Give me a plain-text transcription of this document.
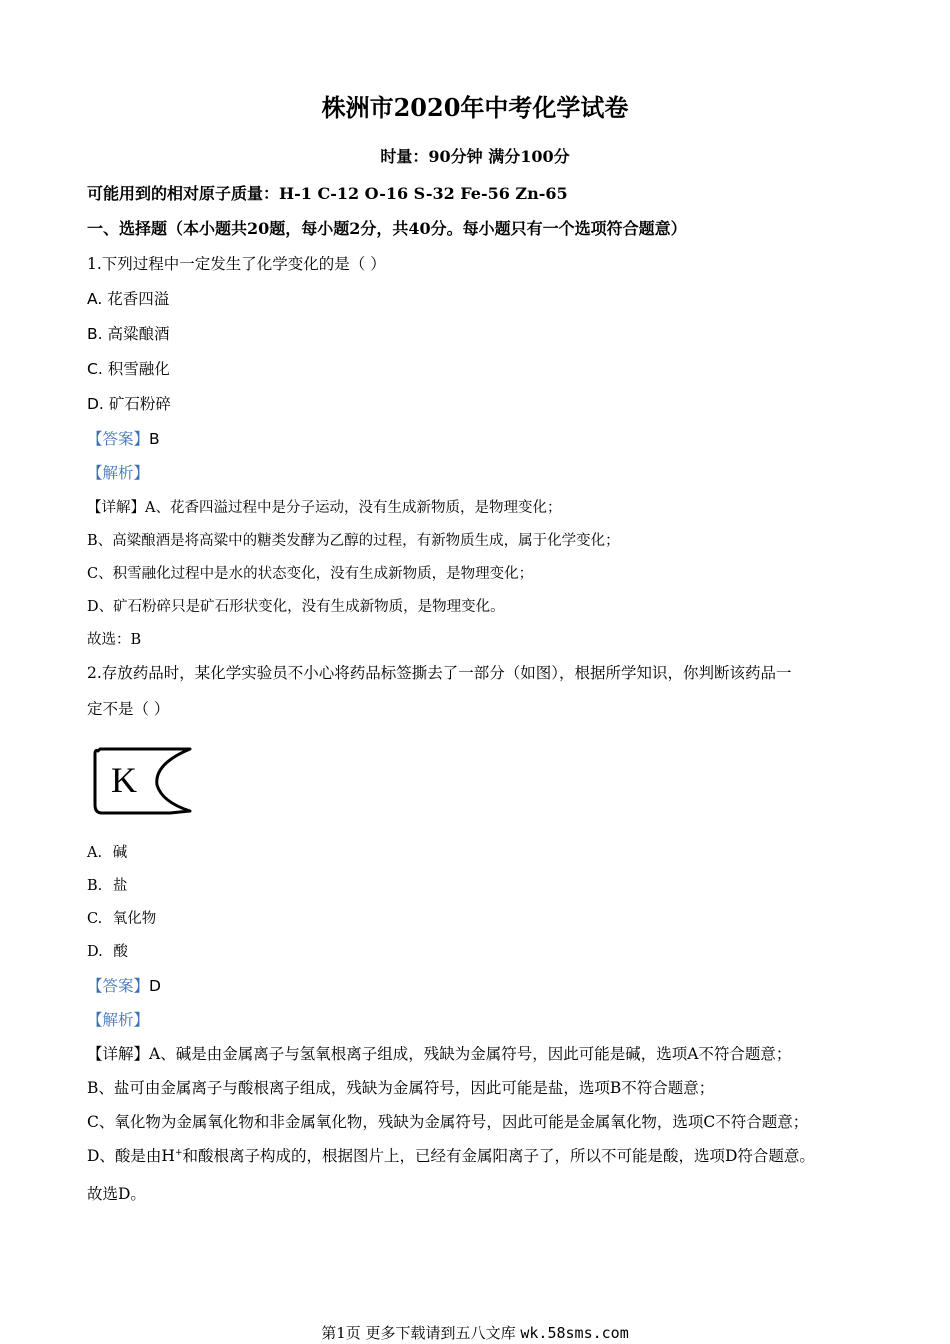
株洲市2020年中考化学试卷
时量：90分钟 满分100分
可能用到的相对原子质量：H-1 C-12 O-16 S-32 Fe-56 Zn-65
一、选择题（本小题共20题，每小题2分，共40分。每小题只有一个选项符合题意）
1.下列过程中一定发生了化学变化的是（ ）
A. 花香四溢
B. 高粱酿酒
C. 积雪融化
D. 矿石粉碎
【答案】B
【解析】
【详解】A、花香四溢过程中是分子运动，没有生成新物质，是物理变化；
B、高粱酿酒是将高粱中的糖类发酵为乙醇的过程，有新物质生成，属于化学变化；
C、积雪融化过程中是水的状态变化，没有生成新物质，是物理变化；
D、矿石粉碎只是矿石形状变化，没有生成新物质，是物理变化。
故选：B
2.存放药品时，某化学实验员不小心将药品标签撕去了一部分（如图），根据所学知识，你判断该药品一
定不是（ ）
K
A. 碱
B. 盐
C. 氧化物
D. 酸
【答案】D
【解析】
【详解】A、碱是由金属离子与氢氧根离子组成，残缺为金属符号，因此可能是碱，选项A不符合题意；
B、盐可由金属离子与酸根离子组成，残缺为金属符号，因此可能是盐，选项B不符合题意；
C、氧化物为金属氧化物和非金属氧化物，残缺为金属符号，因此可能是金属氧化物，选项C不符合题意；
D、酸是由H+和酸根离子构成的，根据图片上，已经有金属阳离子了，所以不可能是酸，选项D符合题意。
故选D。
第1页 更多下载请到五八文库 wk.58sms.com
